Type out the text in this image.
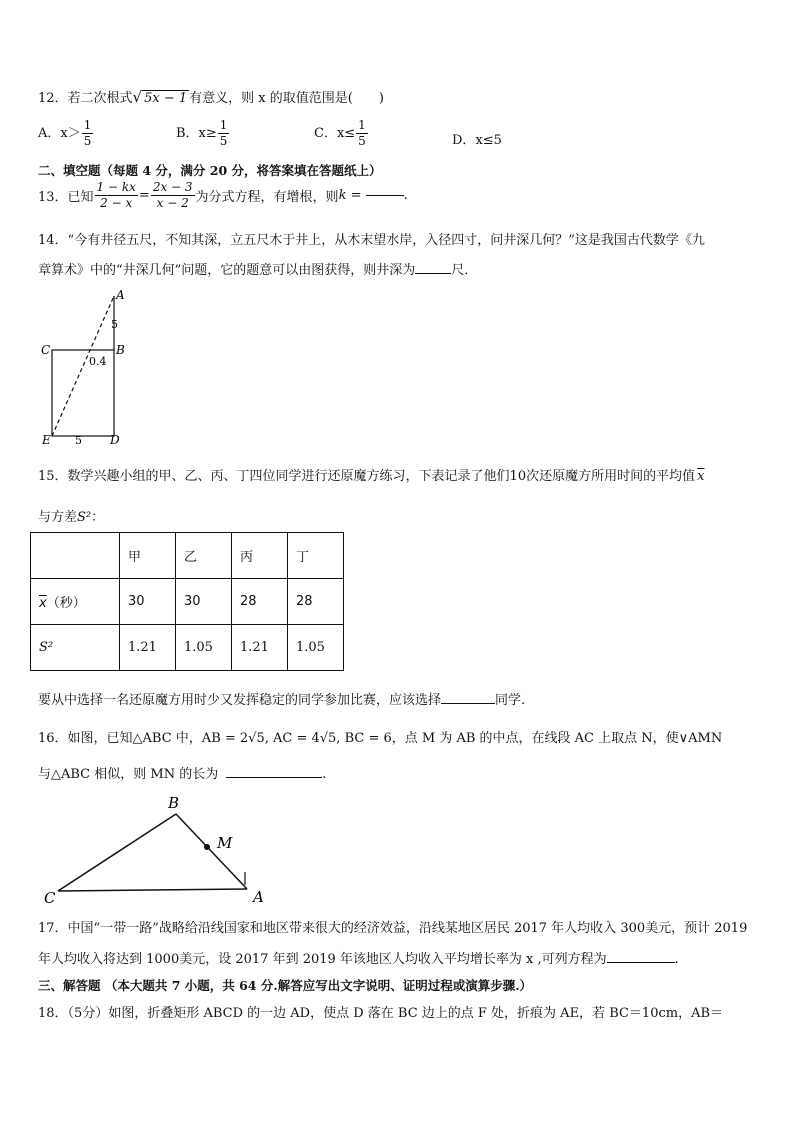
12．若二次根式√ 5x − 1 有意义，则 x 的取值范围是( )
A．$x> \frac{1}{5}$	B．$x\ge \frac{1}{5}$	C．$x\le \frac{1}{5}$	D．x≤5
二、填空题（每题 4 分，满分 20 分，将答案填在答题纸上）
13．已知 $\frac{1 - kx}{2 - x} = \frac{2x - 3}{x - 2}$ 为分式方程，有增根，则k =	.
14．“今有井径五尺，不知其深，立五尺木于井上，从木末望水岸，入径四寸，问井深几何？”这是我国古代数学《九
章算术》中的“井深几何”问题，它的题意可以由图获得，则井深为	尺．
A
5
C	B
0.4
E 5 D
15．数学兴趣小组的甲、乙、丙、丁四位同学进行还原魔方练习，下表记录了他们10次还原魔方所用时间的平均值 $\overline{x}$
与方差S²：
	甲	乙	丙	丁
$\overline{x}$（秒）	30	30	28	28
S²	1.21	1.05	1.21	1.05
要从中选择一名还原魔方用时少又发挥稳定的同学参加比赛，应该选择	同学.
16．如图，已知△ABC 中，AB = 2√5, AC = 4√5, BC = 6，点 M 为 AB 的中点，在线段 AC 上取点 N，使∨AMN
与△ABC 相似，则 MN 的长为	.
B
M
C	A
17．中国“一带一路”战略给沿线国家和地区带来很大的经济效益，沿线某地区居民 2017 年人均收入 300美元，预计 2019
年人均收入将达到 1000美元，设 2017 年到 2019 年该地区人均收入平均增长率为 x ,可列方程为	.
三、解答题 （本大题共 7 小题，共 64 分.解答应写出文字说明、证明过程或演算步骤.）
18．（5分）如图，折叠矩形 ABCD 的一边 AD，使点 D 落在 BC 边上的点 F 处，折痕为 AE，若 BC＝10cm，AB＝
